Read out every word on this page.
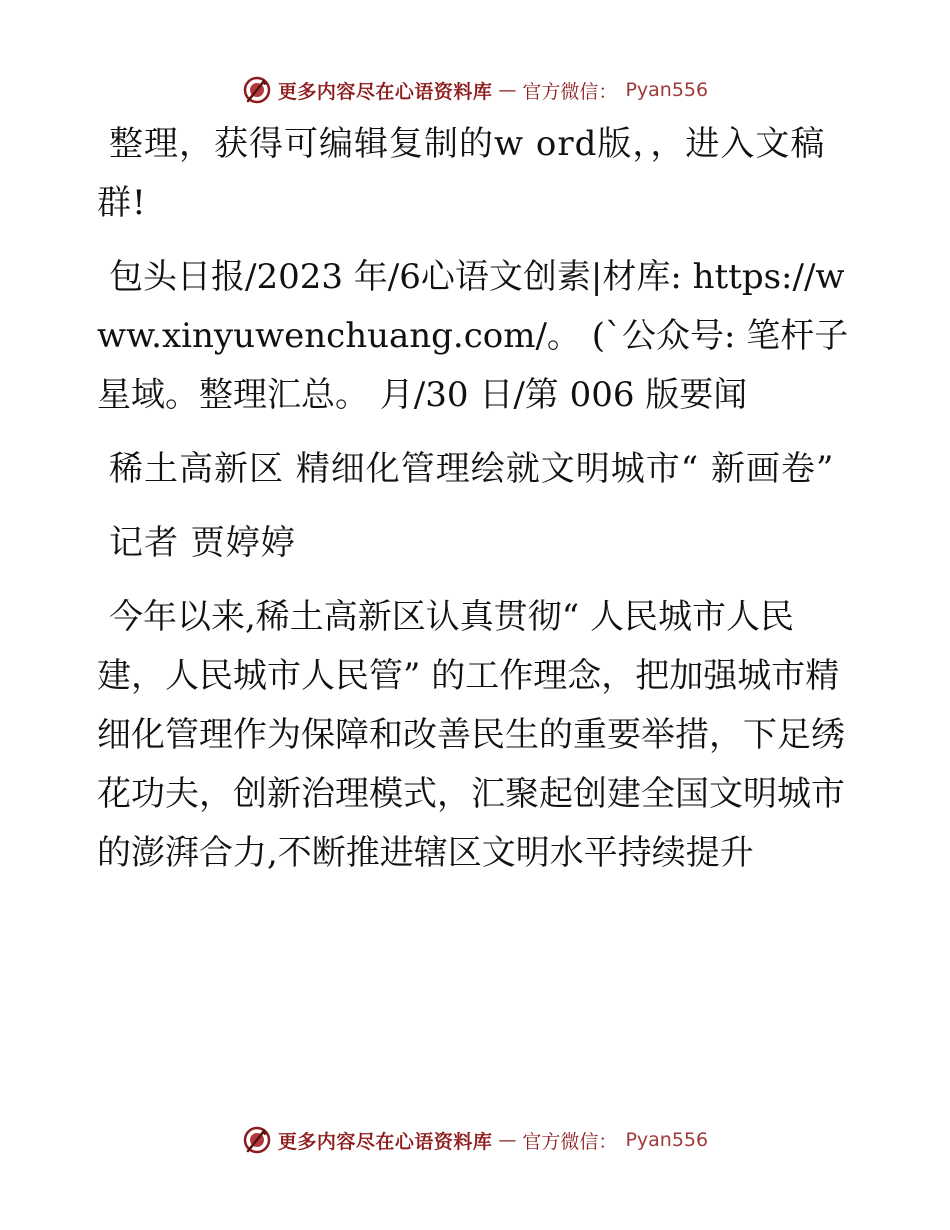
更多内容尽在心语资料库 — 官方微信： Pyan556

整理，获得可编辑复制的w ord版，，进入文稿群!

包头日报/2023 年/6心语文创素|材库: https://www.xinyuwenchuang.com/。 (`公众号: 笔杆子星域。整理汇总。 月/30 日/第 006 版要闻

稀土高新区 精细化管理绘就文明城市“ 新画卷”

记者 贾婷婷

今年以来,稀土高新区认真贯彻“ 人民城市人民建，人民城市人民管” 的工作理念，把加强城市精细化管理作为保障和改善民生的重要举措，下足绣花功夫，创新治理模式，汇聚起创建全国文明城市的澎湃合力,不断推进辖区文明水平持续提升

更多内容尽在心语资料库 — 官方微信： Pyan556
